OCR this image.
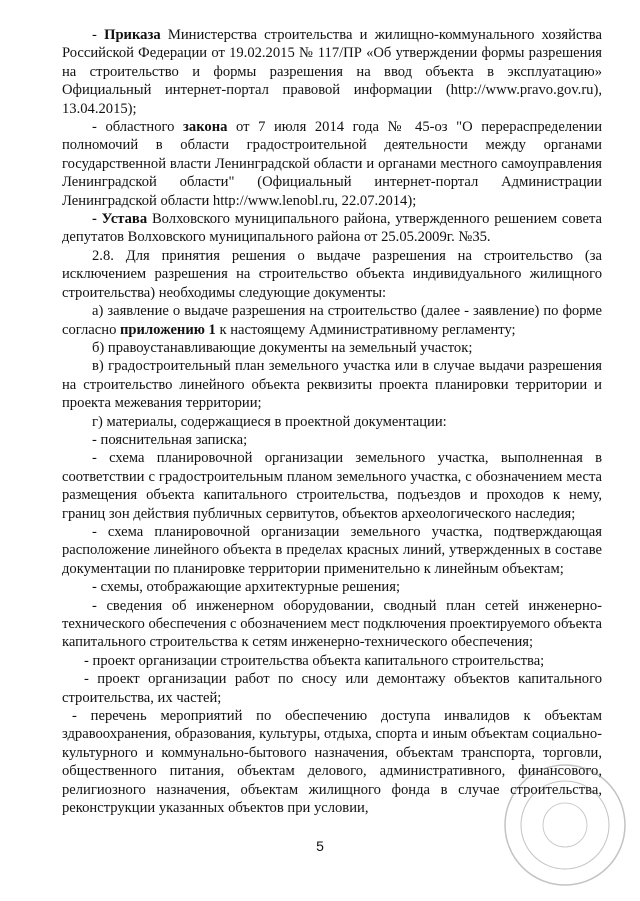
- Приказа Министерства строительства и жилищно-коммунального хозяйства Российской Федерации от 19.02.2015 № 117/ПР «Об утверждении формы разрешения на строительство и формы разрешения на ввод объекта в эксплуатацию» Официальный интернет-портал правовой информации (http://www.pravo.gov.ru), 13.04.2015);

- областного закона от 7 июля 2014 года № 45-оз "О перераспределении полномочий в области градостроительной деятельности между органами государственной власти Ленинградской области и органами местного самоуправления Ленинградской области" (Официальный интернет-портал Администрации Ленинградской области http://www.lenobl.ru, 22.07.2014);

- Устава Волховского муниципального района, утвержденного решением совета депутатов Волховского муниципального района от 25.05.2009г. №35.

2.8. Для принятия решения о выдаче разрешения на строительство (за исключением разрешения на строительство объекта индивидуального жилищного строительства) необходимы следующие документы:

а) заявление о выдаче разрешения на строительство (далее - заявление) по форме согласно приложению 1 к настоящему Административному регламенту;

б) правоустанавливающие документы на земельный участок;

в) градостроительный план земельного участка или в случае выдачи разрешения на строительство линейного объекта реквизиты проекта планировки территории и проекта межевания территории;

г) материалы, содержащиеся в проектной документации:

- пояснительная записка;

- схема планировочной организации земельного участка, выполненная в соответствии с градостроительным планом земельного участка, с обозначением места размещения объекта капитального строительства, подъездов и проходов к нему, границ зон действия публичных сервитутов, объектов археологического наследия;

- схема планировочной организации земельного участка, подтверждающая расположение линейного объекта в пределах красных линий, утвержденных в составе документации по планировке территории применительно к линейным объектам;

- схемы, отображающие архитектурные решения;

- сведения об инженерном оборудовании, сводный план сетей инженерно-технического обеспечения с обозначением мест подключения проектируемого объекта капитального строительства к сетям инженерно-технического обеспечения;

- проект организации строительства объекта капитального строительства;

- проект организации работ по сносу или демонтажу объектов капитального строительства, их частей;

- перечень мероприятий по обеспечению доступа инвалидов к объектам здравоохранения, образования, культуры, отдыха, спорта и иным объектам социально-культурного и коммунально-бытового назначения, объектам транспорта, торговли, общественного питания, объектам делового, административного, финансового, религиозного назначения, объектам жилищного фонда в случае строительства, реконструкции указанных объектов при условии,

5
